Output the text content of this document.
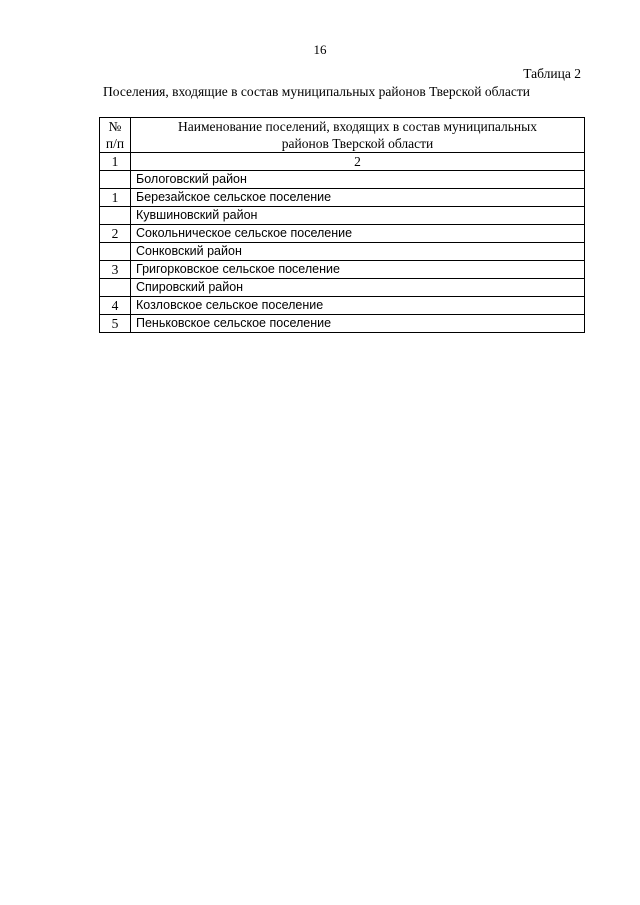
16
Таблица 2
Поселения, входящие в состав муниципальных районов Тверской области
№
п/п	Наименование поселений, входящих в состав муниципальных
районов Тверской области

1	2
	Бологовский район
1	Березайское сельское поселение
	Кувшиновский район
2	Сокольническое сельское поселение
	Сонковский район
3	Григорковское сельское поселение
	Спировский район
4	Козловское сельское поселение
5	Пеньковское сельское поселение
